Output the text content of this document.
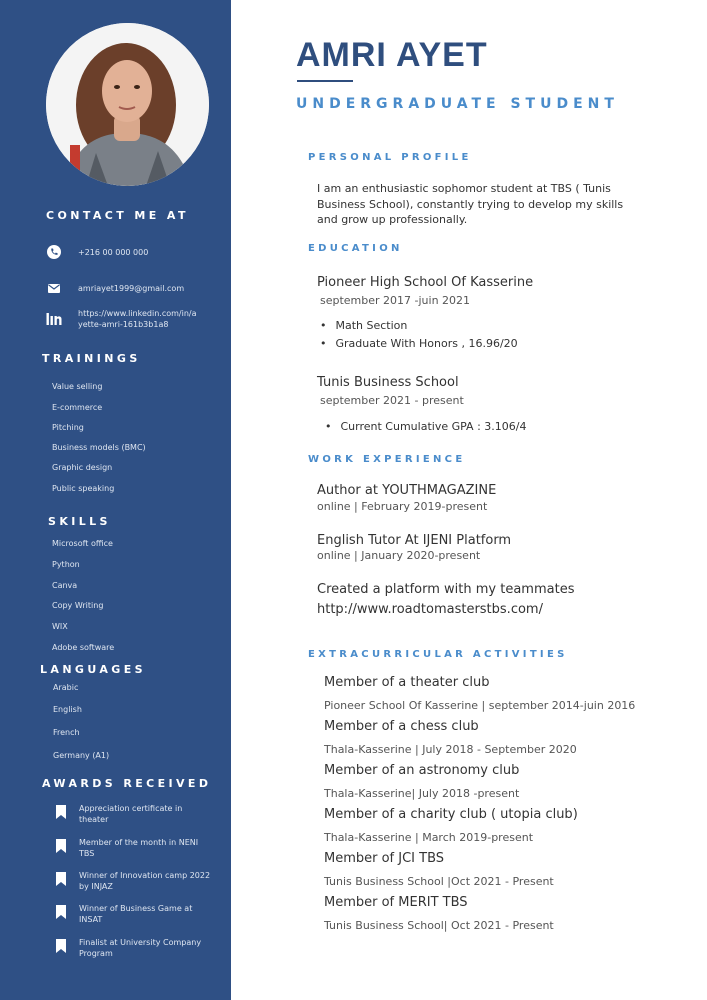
CONTACT ME AT
+216 00 000 000
amriayet1999@gmail.com
https://www.linkedin.com/in/a
yette-amri-161b3b1a8
TRAININGS
Value selling
E-commerce
Pitching
Business models (BMC)
Graphic design
Public speaking
SKILLS
Microsoft office
Python
Canva
Copy Writing
WIX
Adobe software
LANGUAGES
Arabic
English
French
Germany (A1)
AWARDS RECEIVED
Appreciation certificate in theater
Member of the month in NENI TBS
Winner of Innovation camp 2022 by INJAZ
Winner of Business Game at INSAT
Finalist at University Company Program
AMRI AYET
UNDERGRADUATE STUDENT
PERSONAL PROFILE
I am an enthusiastic sophomor student at TBS ( Tunis Business School), constantly trying to develop my skills and grow up professionally.
EDUCATION
Pioneer High School Of Kasserine
september 2017 -juin 2021
• Math Section
• Graduate With Honors , 16.96/20
Tunis Business School
september 2021 - present
• Current Cumulative GPA : 3.106/4
WORK EXPERIENCE
Author at YOUTHMAGAZINE
online | February 2019-present
English Tutor At IJENI Platform
online | January 2020-present
Created a platform with my teammates
http://www.roadtomasterstbs.com/
EXTRACURRICULAR ACTIVITIES
Member of a theater club
Pioneer School Of Kasserine | september 2014-juin 2016
Member of a chess club
Thala-Kasserine | July 2018 - September 2020
Member of an astronomy club
Thala-Kasserine| July 2018 -present
Member of a charity club ( utopia club)
Thala-Kasserine | March 2019-present
Member of JCI TBS
Tunis Business School |Oct 2021 - Present
Member of MERIT TBS
Tunis Business School| Oct 2021 - Present
